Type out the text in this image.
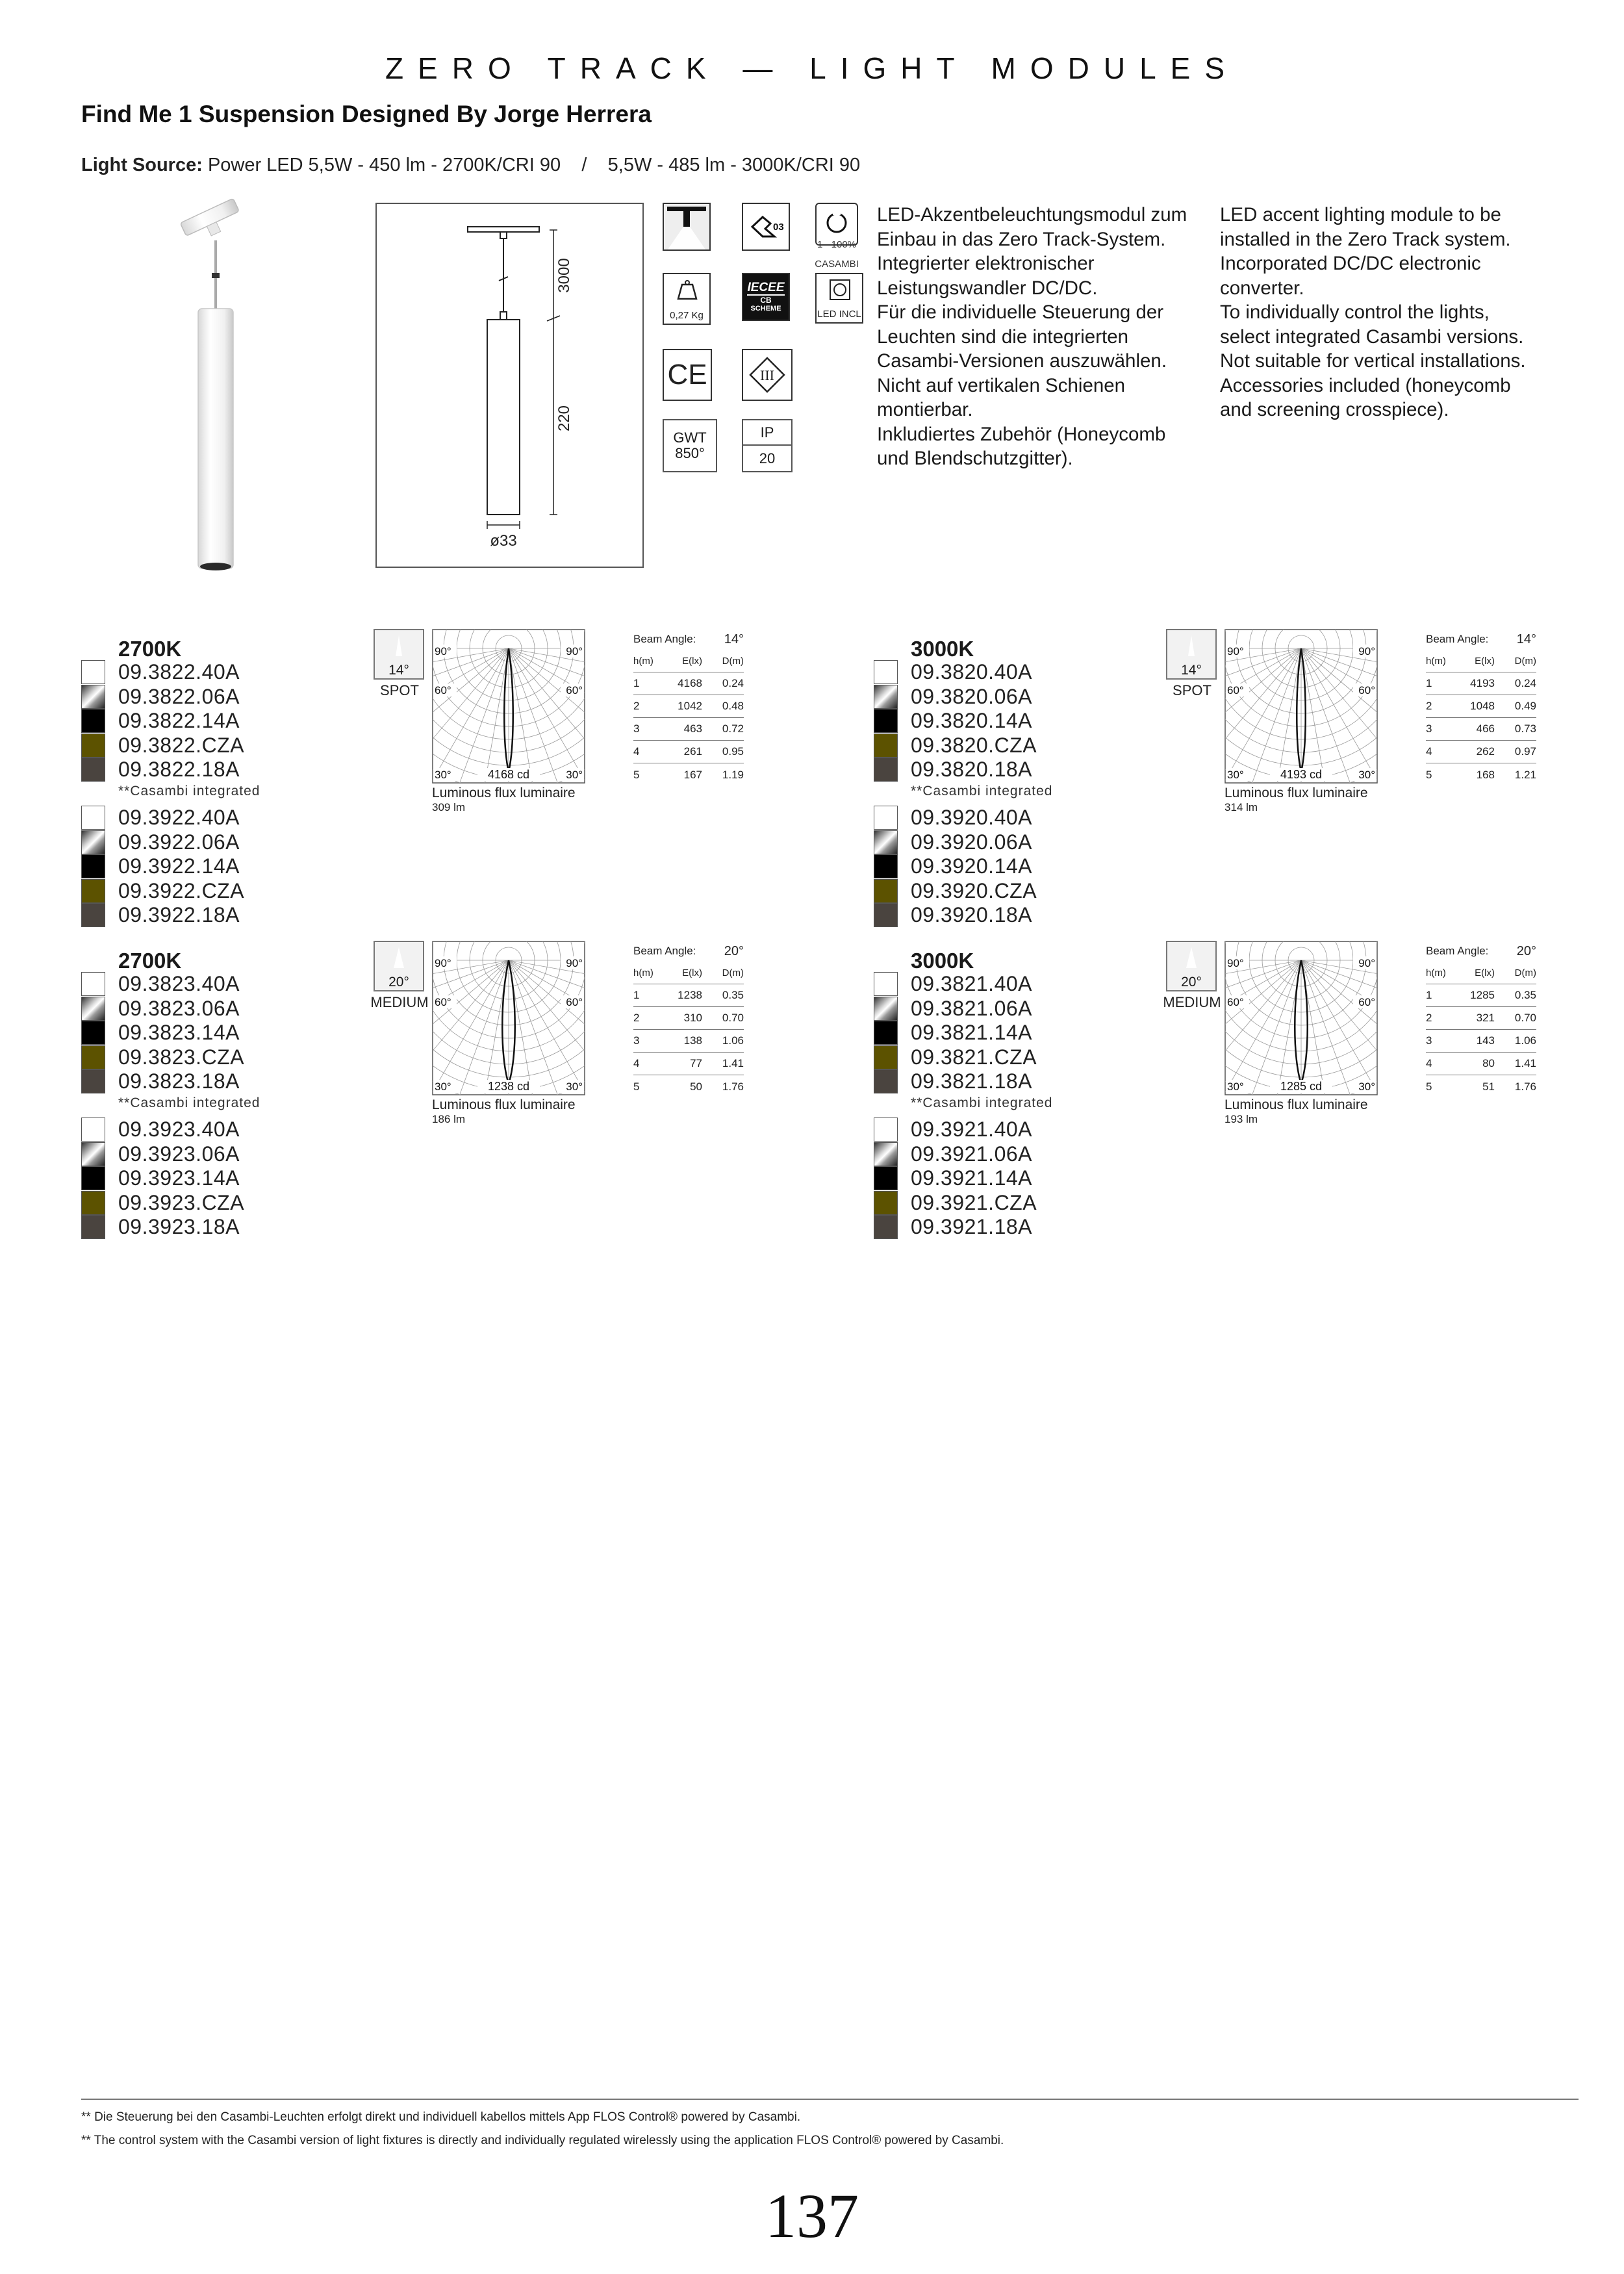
ZERO TRACK — LIGHT MODULES
Find Me 1 Suspension Designed By Jorge Herrera
Light Source: Power LED 5,5W - 450 lm - 2700K/CRI 90    /    5,5W - 485 lm - 3000K/CRI 90
3000
220
ø33
03
1 - 100%
CASAMBI
0,27 Kg
IECEE
CB
SCHEME	LED INCL
CE	III
GWT
850°
IP
20
LED-Akzentbeleuchtungsmodul zum
Einbau in das Zero Track-System.
Integrierter elektronischer
Leistungswandler DC/DC.
Für die individuelle Steuerung der
Leuchten sind die integrierten
Casambi-Versionen auszuwählen.
Nicht auf vertikalen Schienen
montierbar.
Inkludiertes Zubehör (Honeycomb
und Blendschutzgitter).
LED accent lighting module to be
installed in the Zero Track system.
Incorporated DC/DC electronic
converter.
To individually control the lights,
select integrated Casambi versions.
Not suitable for vertical installations.
Accessories included (honeycomb
and screening crosspiece).
2700K
09.3822.40A
09.3822.06A
09.3822.14A
09.3822.CZA
09.3822.18A
**Casambi integrated
09.3922.40A
09.3922.06A
09.3922.14A
09.3922.CZA
09.3922.18A
14°
SPOT
90°	90°
60°	60°
30°	30°
4168 cd
Luminous flux luminaire
309 lm
Beam Angle: 14°
h(m)	E(lx)	D(m)
1	4168	0.24
2	1042	0.48
3	463	0.72
4	261	0.95
5	167	1.19
3000K
09.3820.40A
09.3820.06A
09.3820.14A
09.3820.CZA
09.3820.18A
**Casambi integrated
09.3920.40A
09.3920.06A
09.3920.14A
09.3920.CZA
09.3920.18A
14°
SPOT
90°	90°
60°	60°
30°	30°
4193 cd
Luminous flux luminaire
314 lm
Beam Angle: 14°
h(m)	E(lx)	D(m)
1	4193	0.24
2	1048	0.49
3	466	0.73
4	262	0.97
5	168	1.21
2700K
09.3823.40A
09.3823.06A
09.3823.14A
09.3823.CZA
09.3823.18A
**Casambi integrated
09.3923.40A
09.3923.06A
09.3923.14A
09.3923.CZA
09.3923.18A
20°
MEDIUM
90°	90°
60°	60°
30°	30°
1238 cd
Luminous flux luminaire
186 lm
Beam Angle: 20°
h(m)	E(lx)	D(m)
1	1238	0.35
2	310	0.70
3	138	1.06
4	77	1.41
5	50	1.76
3000K
09.3821.40A
09.3821.06A
09.3821.14A
09.3821.CZA
09.3821.18A
**Casambi integrated
09.3921.40A
09.3921.06A
09.3921.14A
09.3921.CZA
09.3921.18A
20°
MEDIUM
90°	90°
60°	60°
30°	30°
1285 cd
Luminous flux luminaire
193 lm
Beam Angle: 20°
h(m)	E(lx)	D(m)
1	1285	0.35
2	321	0.70
3	143	1.06
4	80	1.41
5	51	1.76
** Die Steuerung bei den Casambi-Leuchten erfolgt direkt und individuell kabellos mittels App FLOS Control® powered by Casambi.
** The control system with the Casambi version of light fixtures is directly and individually regulated wirelessly using the application FLOS Control® powered by Casambi.
137
